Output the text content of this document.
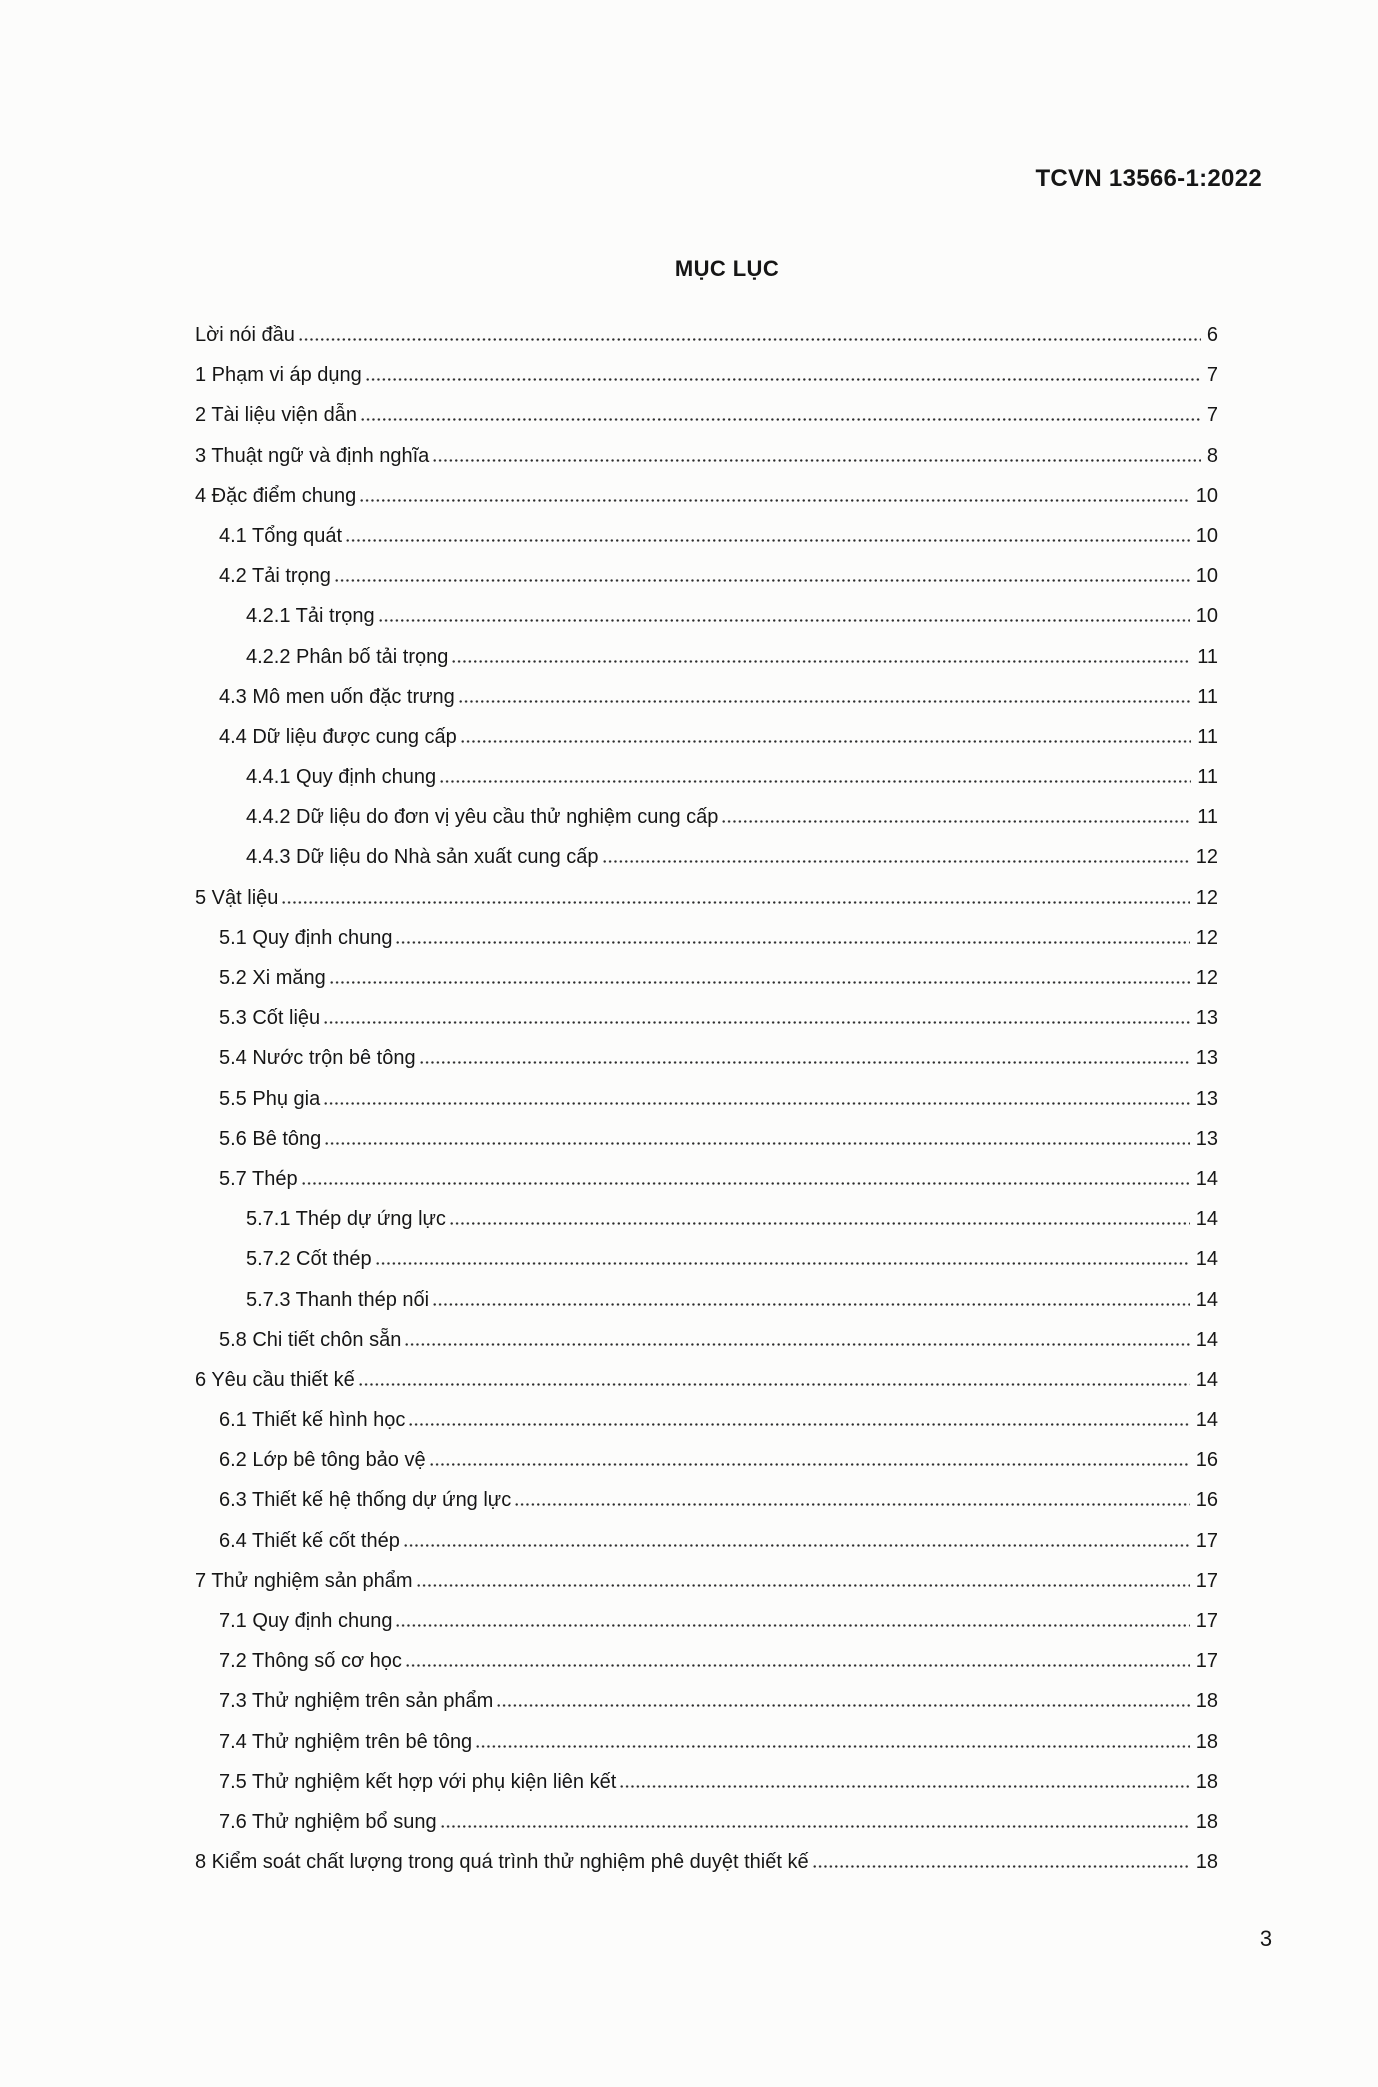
TCVN 13566-1:2022
MỤC LỤC
Lời nói đầu	6
1 Phạm vi áp dụng	7
2 Tài liệu viện dẫn	7
3 Thuật ngữ và định nghĩa	8
4 Đặc điểm chung	10
4.1 Tổng quát	10
4.2 Tải trọng	10
4.2.1 Tải trọng	10
4.2.2 Phân bố tải trọng	11
4.3 Mô men uốn đặc trưng	11
4.4 Dữ liệu được cung cấp	11
4.4.1 Quy định chung	11
4.4.2 Dữ liệu do đơn vị yêu cầu thử nghiệm cung cấp	11
4.4.3 Dữ liệu do Nhà sản xuất cung cấp	12
5 Vật liệu	12
5.1 Quy định chung	12
5.2 Xi măng	12
5.3 Cốt liệu	13
5.4 Nước trộn bê tông	13
5.5 Phụ gia	13
5.6 Bê tông	13
5.7 Thép	14
5.7.1 Thép dự ứng lực	14
5.7.2 Cốt thép	14
5.7.3 Thanh thép nối	14
5.8 Chi tiết chôn sẵn	14
6 Yêu cầu thiết kế	14
6.1 Thiết kế hình học	14
6.2 Lớp bê tông bảo vệ	16
6.3 Thiết kế hệ thống dự ứng lực	16
6.4 Thiết kế cốt thép	17
7 Thử nghiệm sản phẩm	17
7.1 Quy định chung	17
7.2 Thông số cơ học	17
7.3 Thử nghiệm trên sản phẩm	18
7.4 Thử nghiệm trên bê tông	18
7.5 Thử nghiệm kết hợp với phụ kiện liên kết	18
7.6 Thử nghiệm bổ sung	18
8 Kiểm soát chất lượng trong quá trình thử nghiệm phê duyệt thiết kế	18
3
